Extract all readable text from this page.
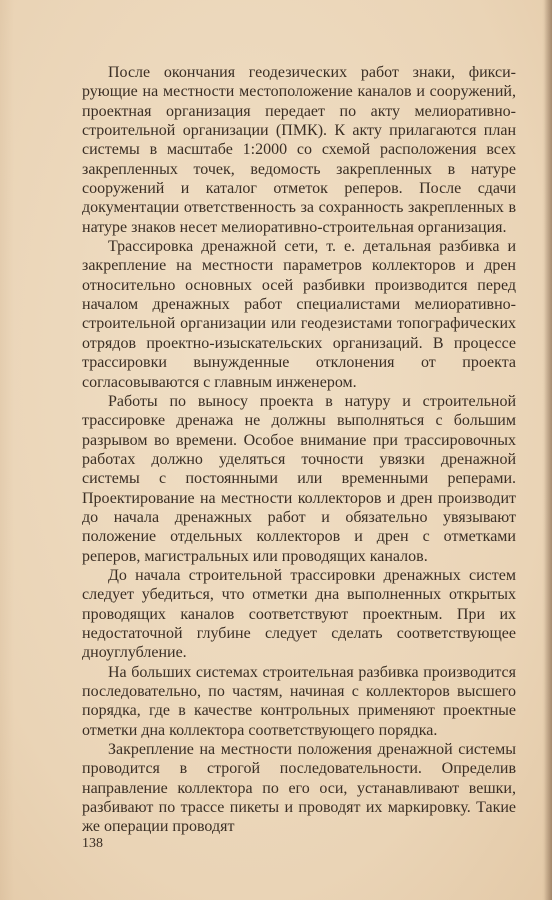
После окончания геодезических работ знаки, фиксирующие на местности местоположение каналов и сооружений, проектная организация передает по акту мелиоративно-строительной организации (ПМК). К акту прилагаются план системы в масштабе 1:2000 со схемой расположения всех закрепленных точек, ведомость закрепленных в натуре сооружений и каталог отметок реперов. После сдачи документации ответственность за сохранность закрепленных в натуре знаков несет мелиоративно-строительная организация.

Трассировка дренажной сети, т. е. детальная разбивка и закрепление на местности параметров коллекторов и дрен относительно основных осей разбивки производится перед началом дренажных работ специалистами мелиоративно-строительной организации или геодезистами топографических отрядов проектно-изыскательских организаций. В процессе трассировки вынужденные отклонения от проекта согласовываются с главным инженером.

Работы по выносу проекта в натуру и строительной трассировке дренажа не должны выполняться с большим разрывом во времени. Особое внимание при трассировочных работах должно уделяться точности увязки дренажной системы с постоянными или временными реперами. Проектирование на местности коллекторов и дрен производит до начала дренажных работ и обязательно увязывают положение отдельных коллекторов и дрен с отметками реперов, магистральных или проводящих каналов.

До начала строительной трассировки дренажных систем следует убедиться, что отметки дна выполненных открытых проводящих каналов соответствуют проектным. При их недостаточной глубине следует сделать соответствующее дноуглубление.

На больших системах строительная разбивка производится последовательно, по частям, начиная с коллекторов высшего порядка, где в качестве контрольных применяют проектные отметки дна коллектора соответствующего порядка.

Закрепление на местности положения дренажной системы проводится в строгой последовательности. Определив направление коллектора по его оси, устанавливают вешки, разбивают по трассе пикеты и проводят их маркировку. Такие же операции проводят

138
